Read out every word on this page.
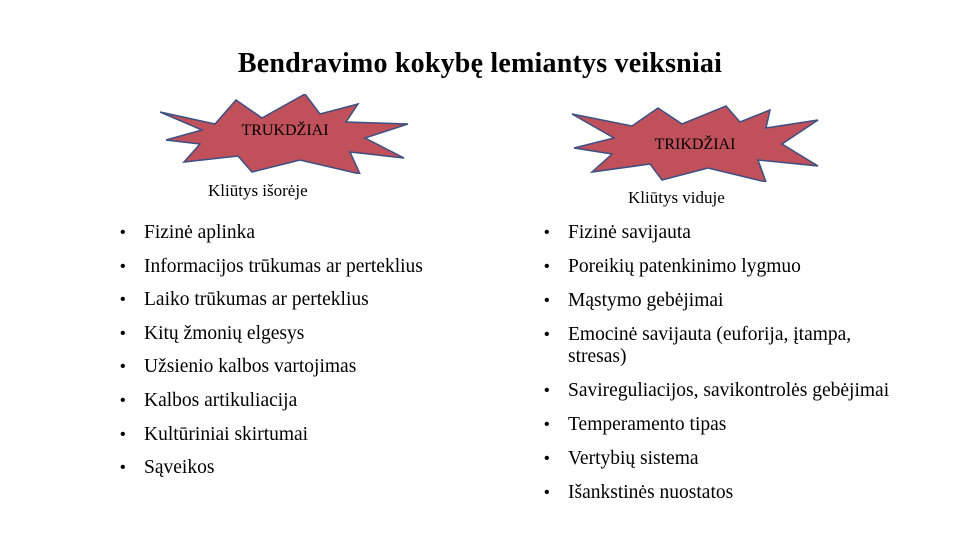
Bendravimo kokybę lemiantys veiksniai
TRUKDŽIAI
TRIKDŽIAI
Kliūtys išorėje	Kliūtys viduje
• Fizinė aplinka
• Informacijos trūkumas ar perteklius
• Laiko trūkumas ar perteklius
• Kitų žmonių elgesys
• Užsienio kalbos vartojimas
• Kalbos artikuliacija
• Kultūriniai skirtumai
• Sąveikos
• Fizinė savijauta
• Poreikių patenkinimo lygmuo
• Mąstymo gebėjimai
• Emocinė savijauta (euforija, įtampa, stresas)
• Savireguliacijos, savikontrolės gebėjimai
• Temperamento tipas
• Vertybių sistema
• Išankstinės nuostatos
